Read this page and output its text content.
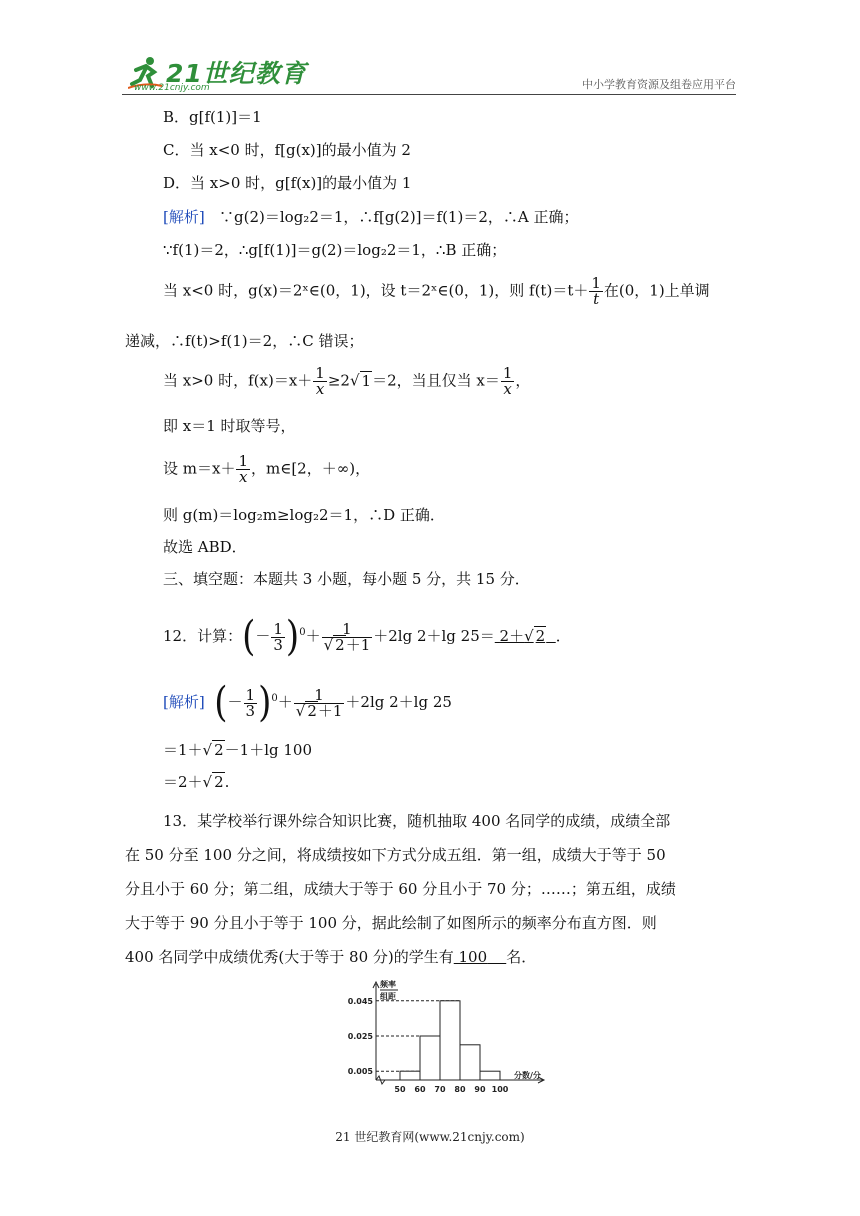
21世纪教育
www.21cnjy.com	中小学教育资源及组卷应用平台
B．g[f(1)]＝1
C．当 x<0 时，f[g(x)]的最小值为 2
D．当 x>0 时，g[f(x)]的最小值为 1
[解析] ∵g(2)＝log₂2＝1，∴f[g(2)]＝f(1)＝2，∴A 正确；
∵f(1)＝2，∴g[f(1)]＝g(2)＝log₂2＝1，∴B 正确；
当 x<0 时，g(x)＝2ˣ∈(0，1)，设 t＝2ˣ∈(0，1)，则 $f(t)=t+ \frac{1}{t}$ 在(0，1)上单调
递减，∴f(t)>f(1)＝2，∴C 错误；
当 x>0 时，$f(x)=x+ \frac{1}{x} \ge 2√$ 1＝2，当且仅当 $x= \frac{1}{x}$ ，
即 x＝1 时取等号，
设 $m=x+ \frac{1}{x}$ ，m∈[2，＋∞)，
则 g(m)＝log₂m≥log₂2＝1，∴D 正确．
故选 ABD．
三、填空题：本题共 3 小题，每小题 5 分，共 15 分．
12．计算：(－ $\frac{1}{3} )^0+ \frac{1}{√ 2+1} +2\lg$ 2＋lg 25＝ 2＋√ 2 ．
[解析] (－ $\frac{1}{3} )^0+ \frac{1}{√ 2+1} +2\lg$ 2＋lg 25
＝1＋√ 2－1＋lg 100
＝2＋√ 2.
13．某学校举行课外综合知识比赛，随机抽取 400 名同学的成绩，成绩全部
在 50 分至 100 分之间，将成绩按如下方式分成五组．第一组，成绩大于等于 50
分且小于 60 分；第二组，成绩大于等于 60 分且小于 70 分；……；第五组，成绩
大于等于 90 分且小于等于 100 分，据此绘制了如图所示的频率分布直方图．则
400 名同学中成绩优秀(大于等于 80 分)的学生有 100 名．
0.005
0.025
0.045
50 60 70 80 90 100
频率
组距
分数/分
21 世纪教育网(www.21cnjy.com)
